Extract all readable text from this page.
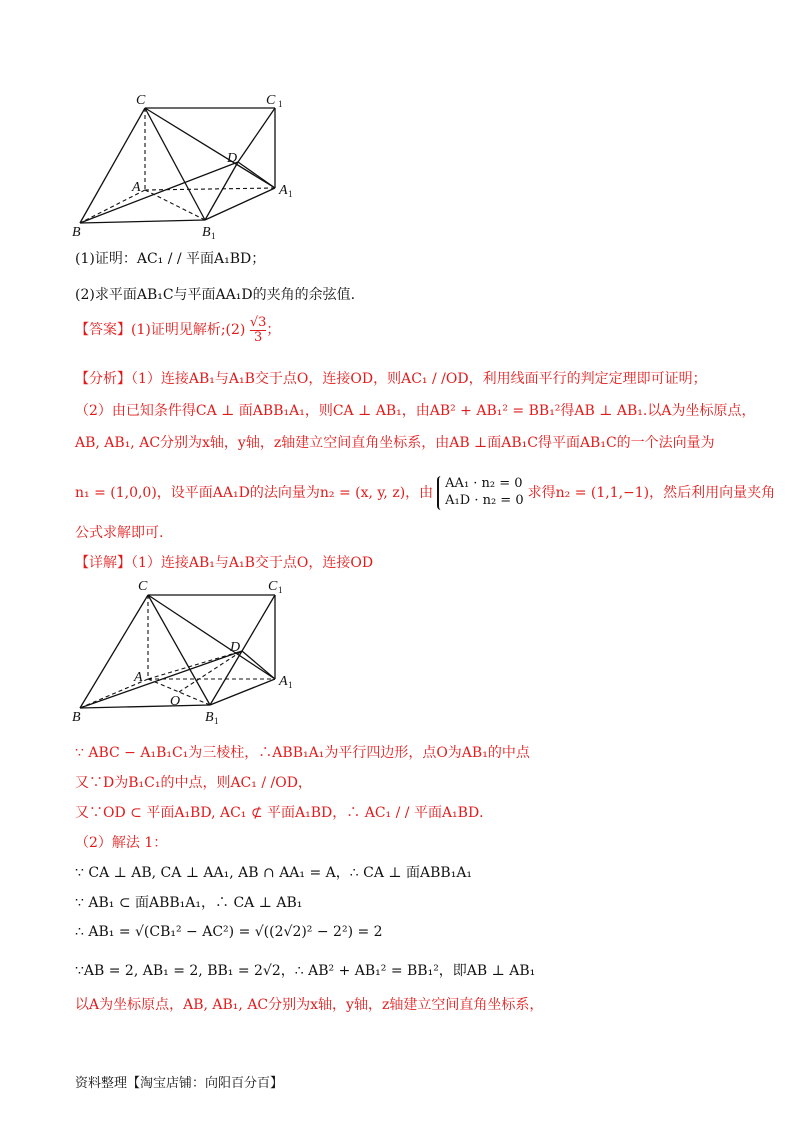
C	C 1
D
A	A 1
B	B 1
(1)证明：AC₁ / / 平面A₁BD；
(2)求平面AB₁C与平面AA₁D的夹角的余弦值.
【答案】(1)证明见解析;(2) $\frac{√3}{3}$ ；
【分析】（1）连接AB₁与A₁B交于点O，连接OD，则AC₁ / /OD，利用线面平行的判定定理即可证明；
（2）由已知条件得CA ⊥ 面ABB₁A₁，则CA ⊥ AB₁，由AB² + AB₁² = BB₁²得AB ⊥ AB₁.以A为坐标原点，
AB, AB₁, AC分别为x轴，y轴，z轴建立空间直角坐标系，由AB ⊥面AB₁C得平面AB₁C的一个法向量为
n₁ = (1,0,0)，设平面AA₁D的法向量为n₂ = (x, y, z)，由
AA₁ · n₂ = 0
A₁D · n₂ = 0 求得n₂ = (1,1,−1)，然后利用向量夹角
公式求解即可.
【详解】（1）连接AB₁与A₁B交于点O，连接OD
C	C 1
D
A	A 1
O
B	B 1
∵ ABC − A₁B₁C₁为三棱柱，∴ABB₁A₁为平行四边形，点O为AB₁的中点
又∵D为B₁C₁的中点，则AC₁ / /OD，
又∵OD ⊂ 平面A₁BD, AC₁ ⊄ 平面A₁BD，∴ AC₁ / / 平面A₁BD．
（2）解法 1：
∵ CA ⊥ AB, CA ⊥ AA₁, AB ∩ AA₁ = A，∴ CA ⊥ 面ABB₁A₁
∵ AB₁ ⊂ 面ABB₁A₁，∴ CA ⊥ AB₁
∴ AB₁ = √(CB₁² − AC²) = √((2√2)² − 2²) = 2
∵AB = 2, AB₁ = 2, BB₁ = 2√2，∴ AB² + AB₁² = BB₁²，即AB ⊥ AB₁
以A为坐标原点，AB, AB₁, AC分别为x轴，y轴，z轴建立空间直角坐标系，
资料整理【淘宝店铺：向阳百分百】
